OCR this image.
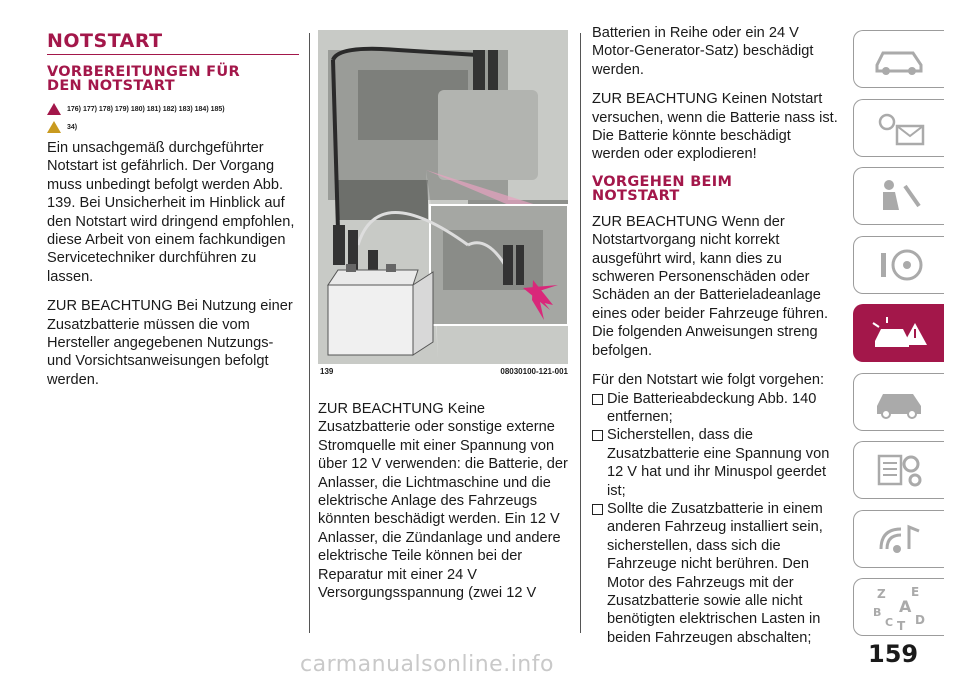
NOTSTART
VORBEREITUNGEN FÜR
DEN NOTSTART
176) 177) 178) 179) 180) 181) 182) 183) 184) 185)
34)

Ein unsachgemäß durchgeführter Notstart ist gefährlich. Der Vorgang muss unbedingt befolgt werden Abb. 139. Bei Unsicherheit im Hinblick auf den Notstart wird dringend empfohlen, diese Arbeit von einem fachkundigen Servicetechniker durchführen zu lassen.

ZUR BEACHTUNG Bei Nutzung einer Zusatzbatterie müssen die vom Hersteller angegebenen Nutzungs- und Vorsichtsanweisungen befolgt werden.

139	08030100-121-001

ZUR BEACHTUNG Keine Zusatzbatterie oder sonstige externe Stromquelle mit einer Spannung von über 12 V verwenden: die Batterie, der Anlasser, die Lichtmaschine und die elektrische Anlage des Fahrzeugs könnten beschädigt werden. Ein 12 V Anlasser, die Zündanlage und andere elektrische Teile können bei der Reparatur mit einer 24 V Versorgungsspannung (zwei 12 V

Batterien in Reihe oder ein 24 V Motor-Generator-Satz) beschädigt werden.

ZUR BEACHTUNG Keinen Notstart versuchen, wenn die Batterie nass ist. Die Batterie könnte beschädigt werden oder explodieren!

VORGEHEN BEIM
NOTSTART

ZUR BEACHTUNG Wenn der Notstartvorgang nicht korrekt ausgeführt wird, kann dies zu schweren Personenschäden oder Schäden an der Batterieladeanlage eines oder beider Fahrzeuge führen. Die folgenden Anweisungen streng befolgen.

Für den Notstart wie folgt vorgehen:

Die Batterieabdeckung Abb. 140 entfernen;
Sicherstellen, dass die Zusatzbatterie eine Spannung von 12 V hat und ihr Minuspol geerdet ist;
Sollte die Zusatzbatterie in einem anderen Fahrzeug installiert sein, sicherstellen, dass sich die Fahrzeuge nicht berühren. Den Motor des Fahrzeugs mit der Zusatzbatterie sowie alle nicht benötigten elektrischen Lasten in beiden Fahrzeugen abschalten;
Z E
A
B
C D
T
159
carmanualsonline.info
